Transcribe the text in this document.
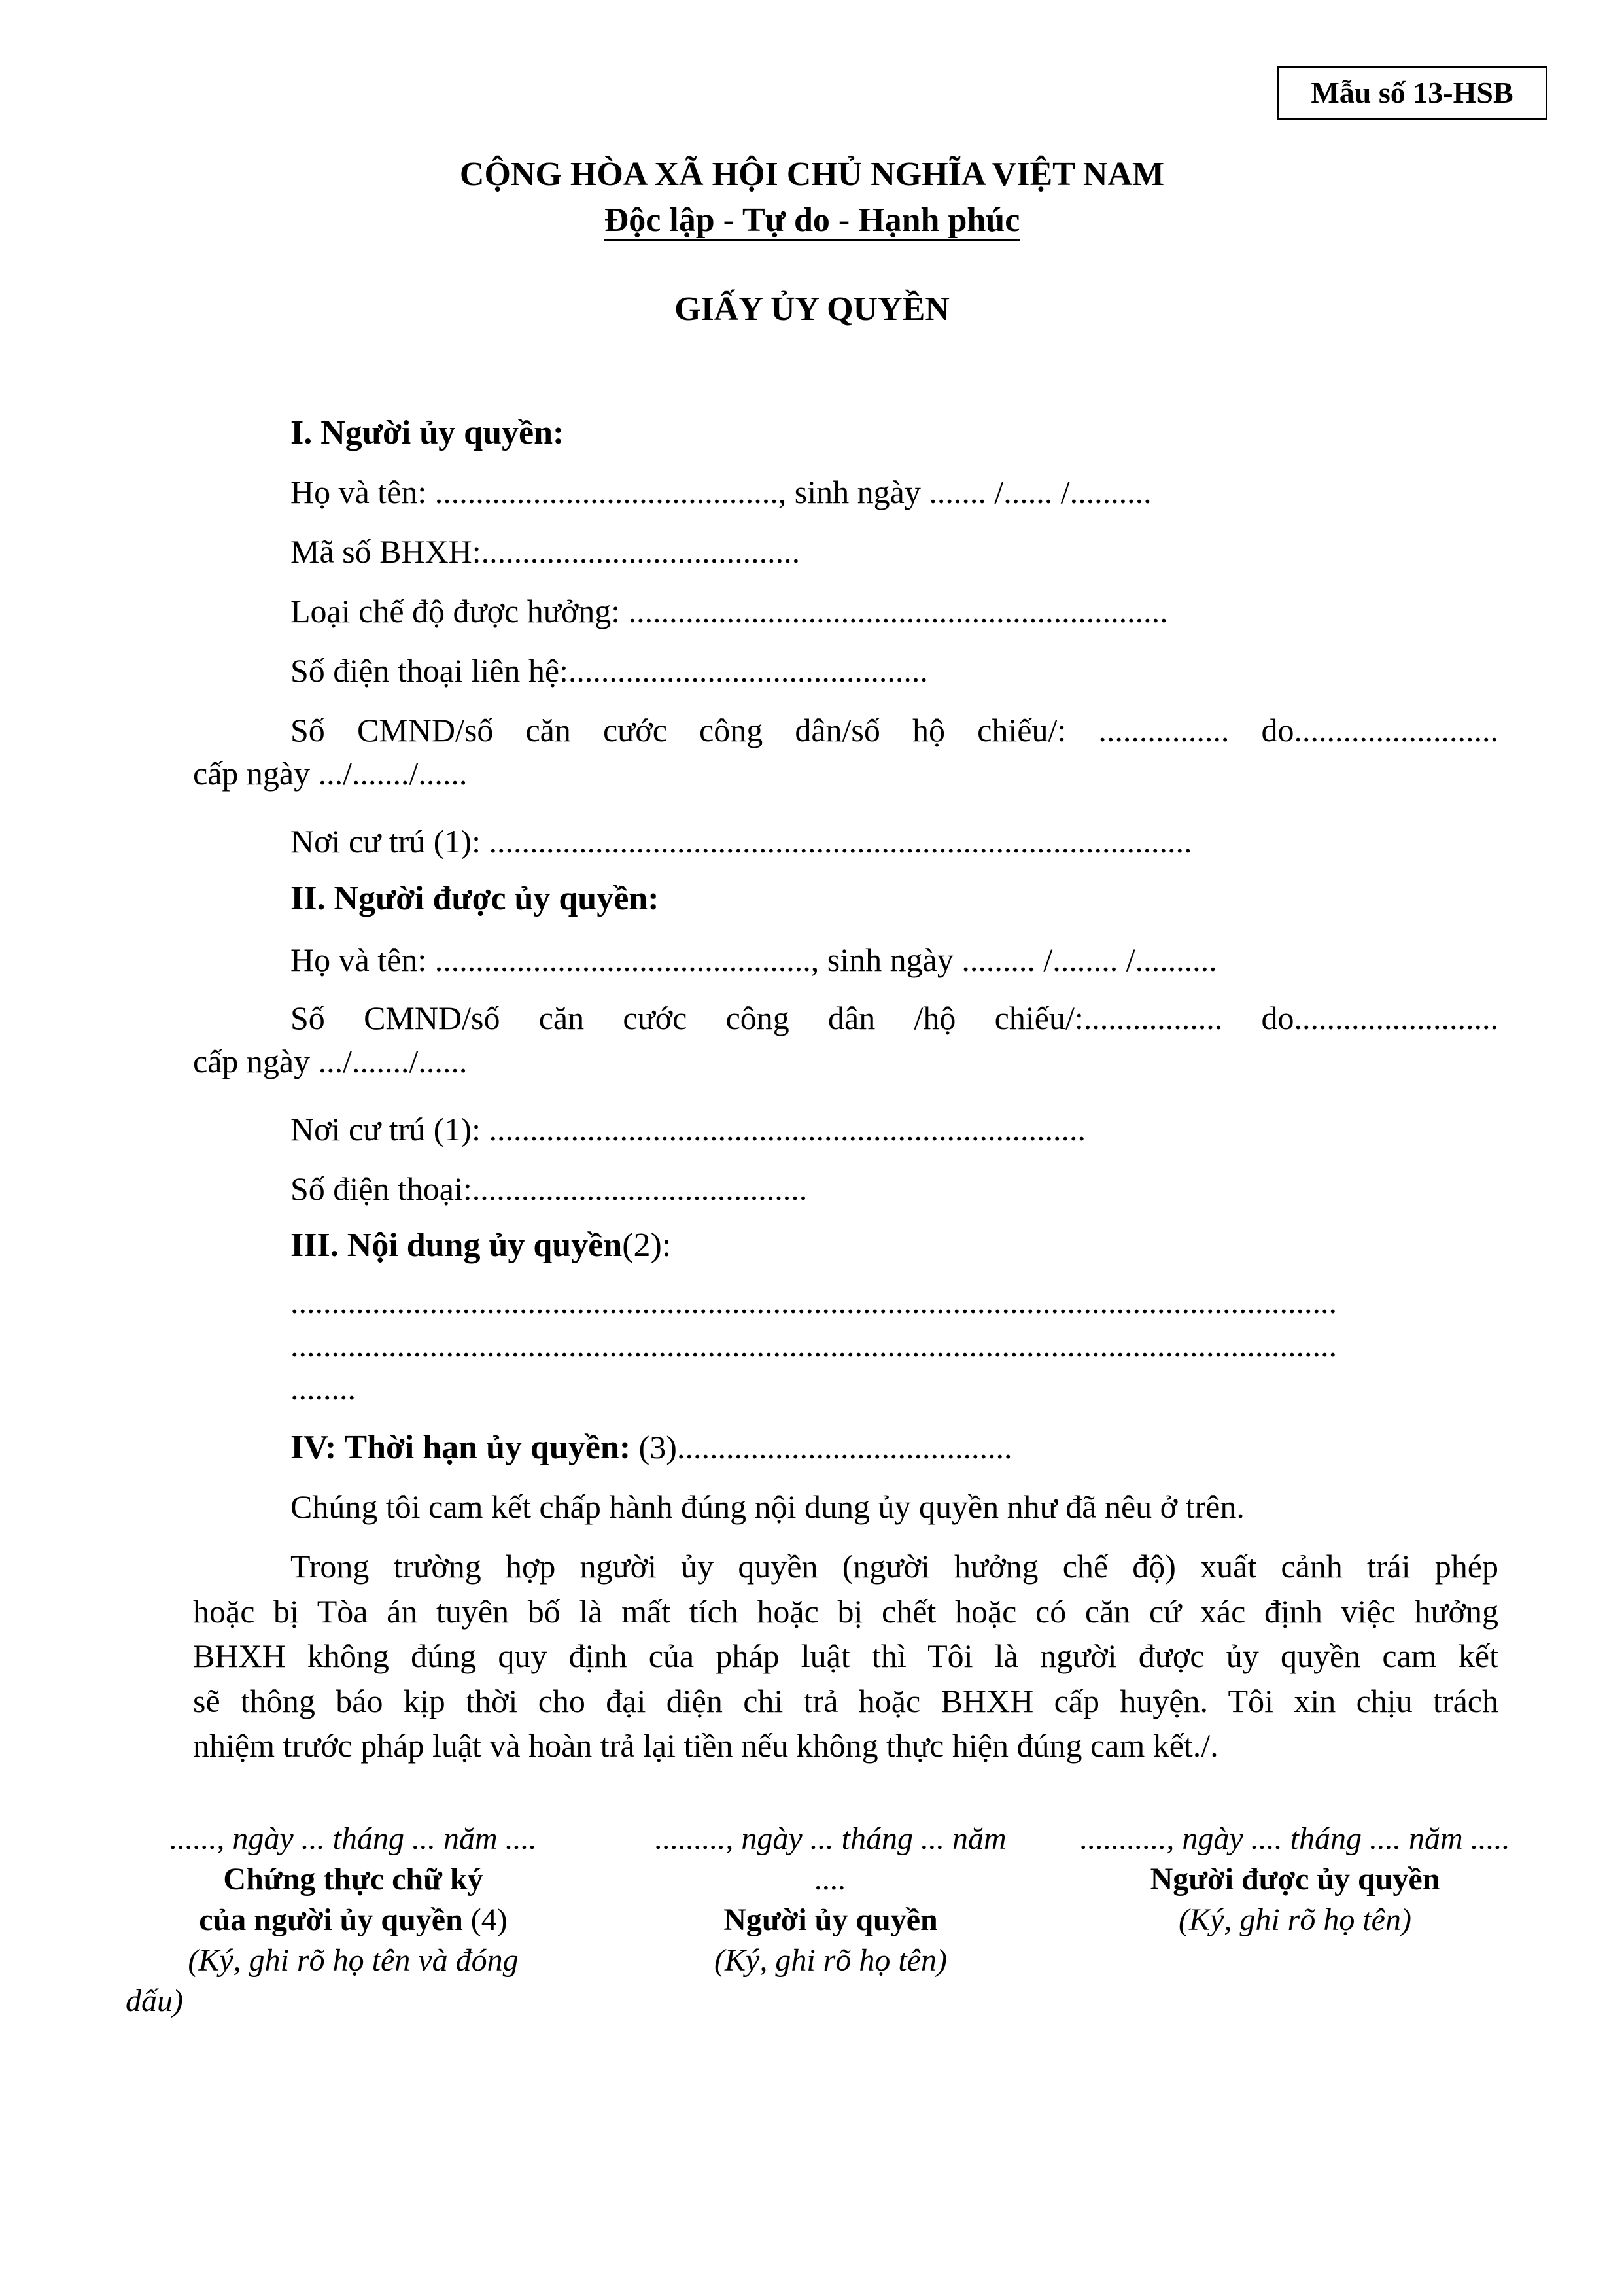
Mẫu số 13-HSB
CỘNG HÒA XÃ HỘI CHỦ NGHĨA VIỆT NAM
Độc lập - Tự do - Hạnh phúc
GIẤY ỦY QUYỀN
I. Người ủy quyền:
Họ và tên: .........................................., sinh ngày ....... /...... /..........
Mã số BHXH:.......................................
Loại chế độ được hưởng: ..................................................................
Số điện thoại liên hệ:............................................
Số CMND/số căn cước công dân/số hộ chiếu/: ................ do.........................
cấp ngày .../......./......
Nơi cư trú (1): ......................................................................................
II. Người được ủy quyền:
Họ và tên: .............................................., sinh ngày ......... /........ /..........
Số CMND/số căn cước công dân /hộ chiếu/:................. do.........................
cấp ngày .../......./......
Nơi cư trú (1): .........................................................................
Số điện thoại:.........................................
III. Nội dung ủy quyền(2):
................................................................................................................................
................................................................................................................................
........
IV: Thời hạn ủy quyền: (3).........................................
Chúng tôi cam kết chấp hành đúng nội dung ủy quyền như đã nêu ở trên.
Trong trường hợp người ủy quyền (người hưởng chế độ) xuất cảnh trái phép
hoặc bị Tòa án tuyên bố là mất tích hoặc bị chết hoặc có căn cứ xác định việc hưởng
BHXH không đúng quy định của pháp luật thì Tôi là người được ủy quyền cam kết
sẽ thông báo kịp thời cho đại diện chi trả hoặc BHXH cấp huyện. Tôi xin chịu trách
nhiệm trước pháp luật và hoàn trả lại tiền nếu không thực hiện đúng cam kết./.
......, ngày ... tháng ... năm ....
Chứng thực chữ ký
của người ủy quyền (4)
(Ký, ghi rõ họ tên và đóng
dấu)
........., ngày ... tháng ... năm
....
Người ủy quyền
(Ký, ghi rõ họ tên)
..........., ngày .... tháng .... năm .....
Người được ủy quyền
(Ký, ghi rõ họ tên)
